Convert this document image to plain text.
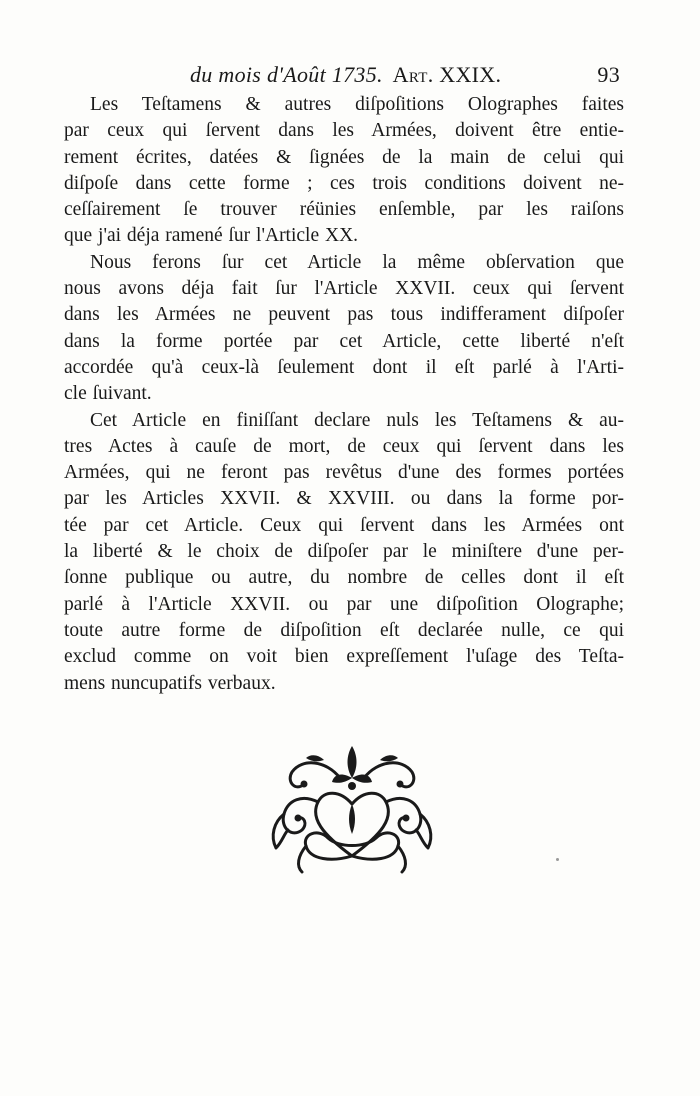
du mois d'Août 1735. Art. XXIX.	93
Les Teſtamens & autres diſpoſitions Olographes faites
par ceux qui ſervent dans les Armées, doivent être entie-
rement écrites, datées & ſignées de la main de celui qui
diſpoſe dans cette forme ; ces trois conditions doivent ne-
ceſſairement ſe trouver réünies enſemble, par les raiſons
que j'ai déja ramené ſur l'Article XX.
Nous ferons ſur cet Article la même obſervation que
nous avons déja fait ſur l'Article XXVII. ceux qui ſervent
dans les Armées ne peuvent pas tous indifferament diſpoſer
dans la forme portée par cet Article, cette liberté n'eſt
accordée qu'à ceux-là ſeulement dont il eſt parlé à l'Arti-
cle ſuivant.
Cet Article en finiſſant declare nuls les Teſtamens & au-
tres Actes à cauſe de mort, de ceux qui ſervent dans les
Armées, qui ne feront pas revêtus d'une des formes portées
par les Articles XXVII. & XXVIII. ou dans la forme por-
tée par cet Article. Ceux qui ſervent dans les Armées ont
la liberté & le choix de diſpoſer par le miniſtere d'une per-
ſonne publique ou autre, du nombre de celles dont il eſt
parlé à l'Article XXVII. ou par une diſpoſition Olographe;
toute autre forme de diſpoſition eſt declarée nulle, ce qui
exclud comme on voit bien expreſſement l'uſage des Teſta-
mens nuncupatifs verbaux.
